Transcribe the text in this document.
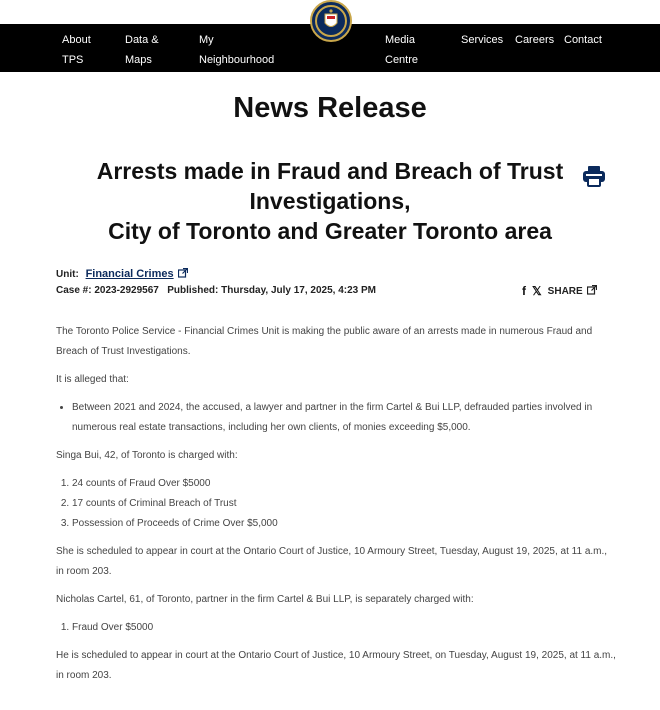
About
TPS
Data &
Maps
My
Neighbourhood
Media
Centre
Services Careers Contact
News Release
Arrests made in Fraud and Breach of Trust
Investigations,
City of Toronto and Greater Toronto area
Unit: Financial Crimes
Case #: 2023-2929567 Published: Thursday, July 17, 2025, 4:23 PM	f 𝕏 SHARE

The Toronto Police Service - Financial Crimes Unit is making the public aware of an arrests made in numerous Fraud and Breach of Trust Investigations.

It is alleged that:

• Between 2021 and 2024, the accused, a lawyer and partner in the firm Cartel & Bui LLP, defrauded parties involved in numerous real estate transactions, including her own clients, of monies exceeding $5,000.

Singa Bui, 42, of Toronto is charged with:

1. 24 counts of Fraud Over $5000
2. 17 counts of Criminal Breach of Trust
3. Possession of Proceeds of Crime Over $5,000

She is scheduled to appear in court at the Ontario Court of Justice, 10 Armoury Street, Tuesday, August 19, 2025, at 11 a.m., in room 203.

Nicholas Cartel, 61, of Toronto, partner in the firm Cartel & Bui LLP, is separately charged with:

1. Fraud Over $5000

He is scheduled to appear in court at the Ontario Court of Justice, 10 Armoury Street, on Tuesday, August 19, 2025, at 11 a.m., in room 203.
